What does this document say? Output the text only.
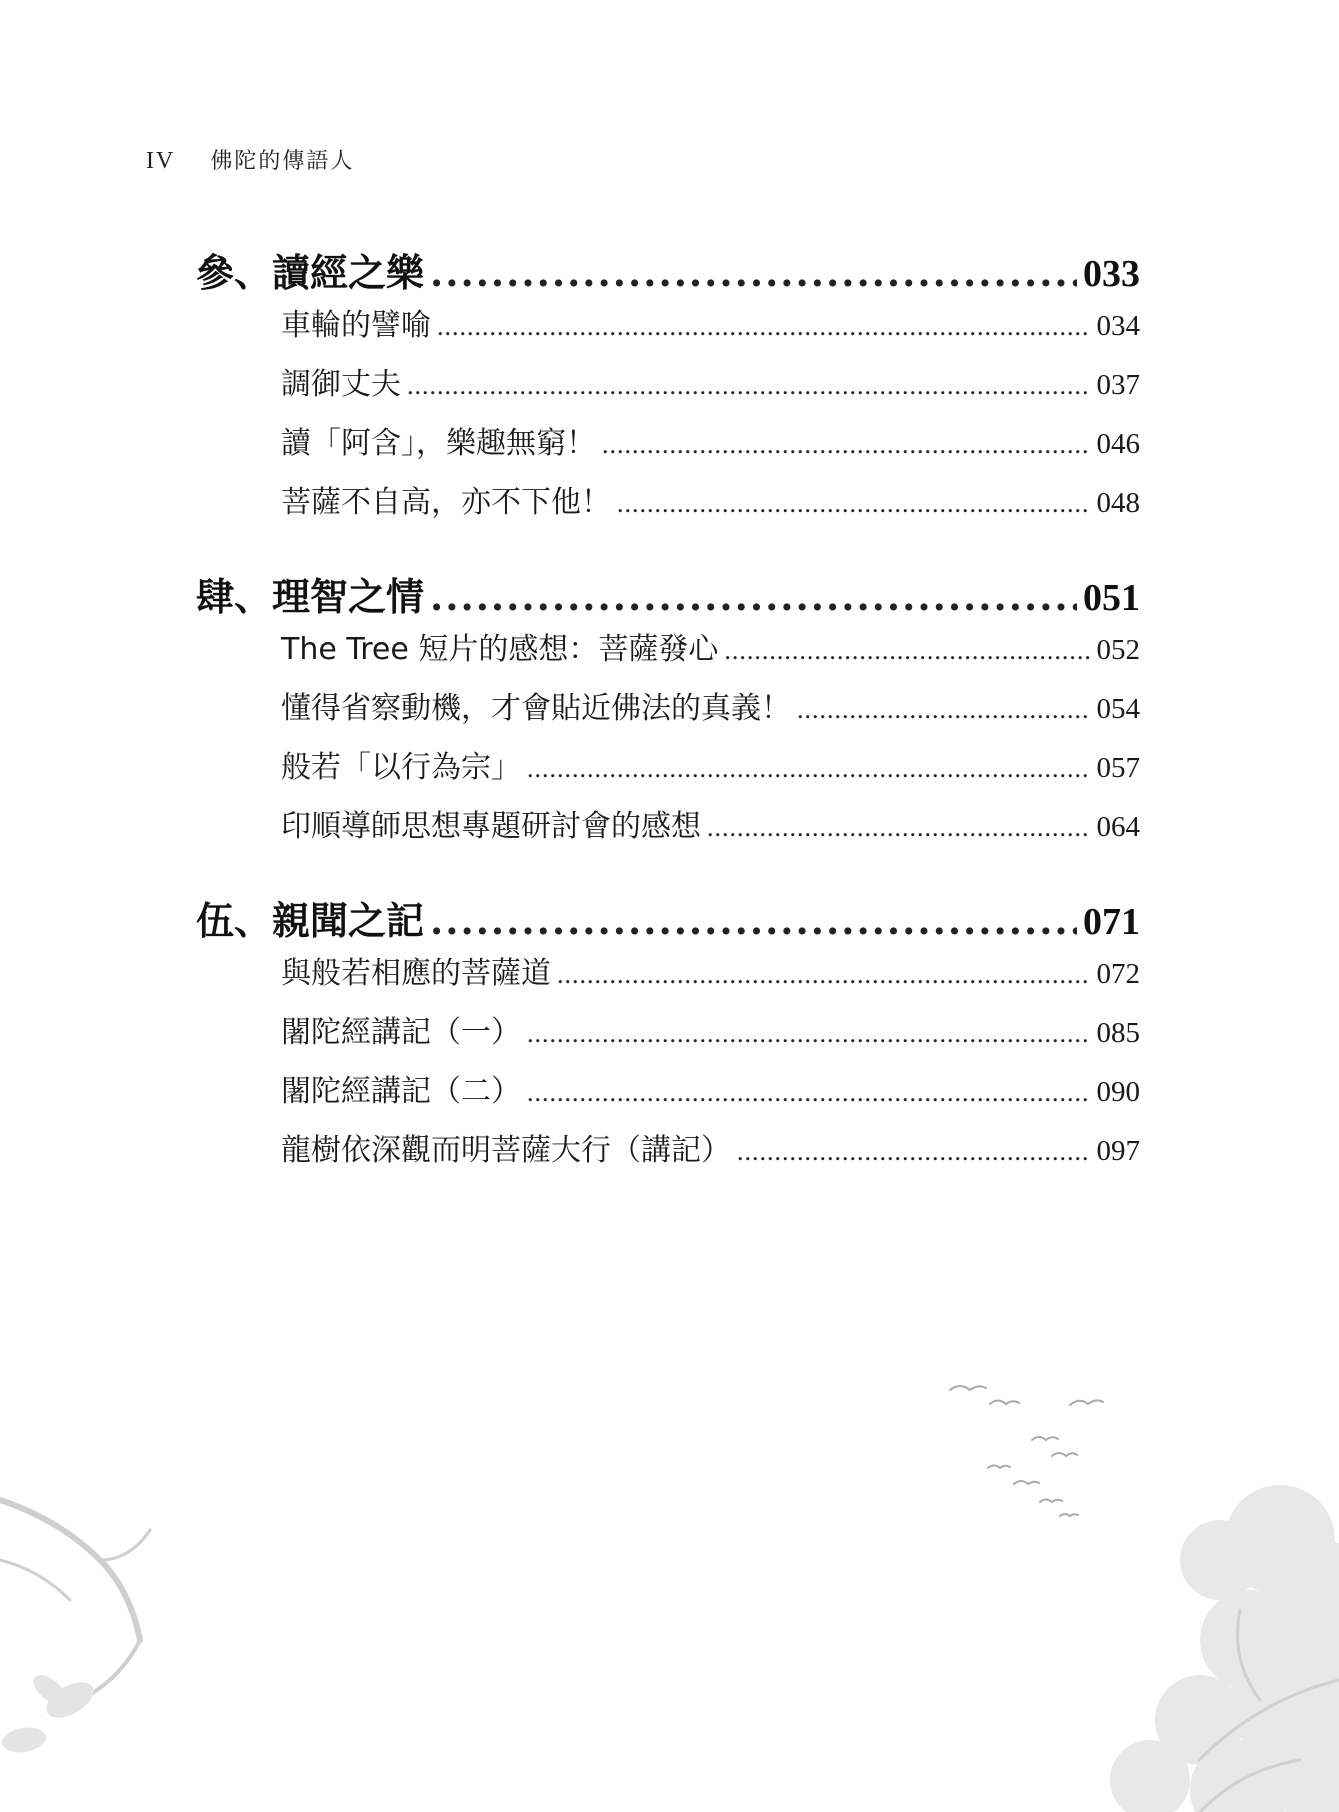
IV 佛陀的傳語人
參、讀經之樂 .....	033
車輪的譬喻 .....	034
調御丈夫 .....	037
讀「阿含」，樂趣無窮！ .....	046
菩薩不自高，亦不下他！ .....	048
肆、理智之情 .....	051
The Tree 短片的感想：菩薩發心 .....	052
懂得省察動機，才會貼近佛法的真義！ .....	054
般若「以行為宗」 .....	057
印順導師思想專題研討會的感想 .....	064
伍、親聞之記 .....	071
與般若相應的菩薩道 .....	072
闍陀經講記（一） .....	085
闍陀經講記（二） .....	090
龍樹依深觀而明菩薩大行（講記） .....	097
